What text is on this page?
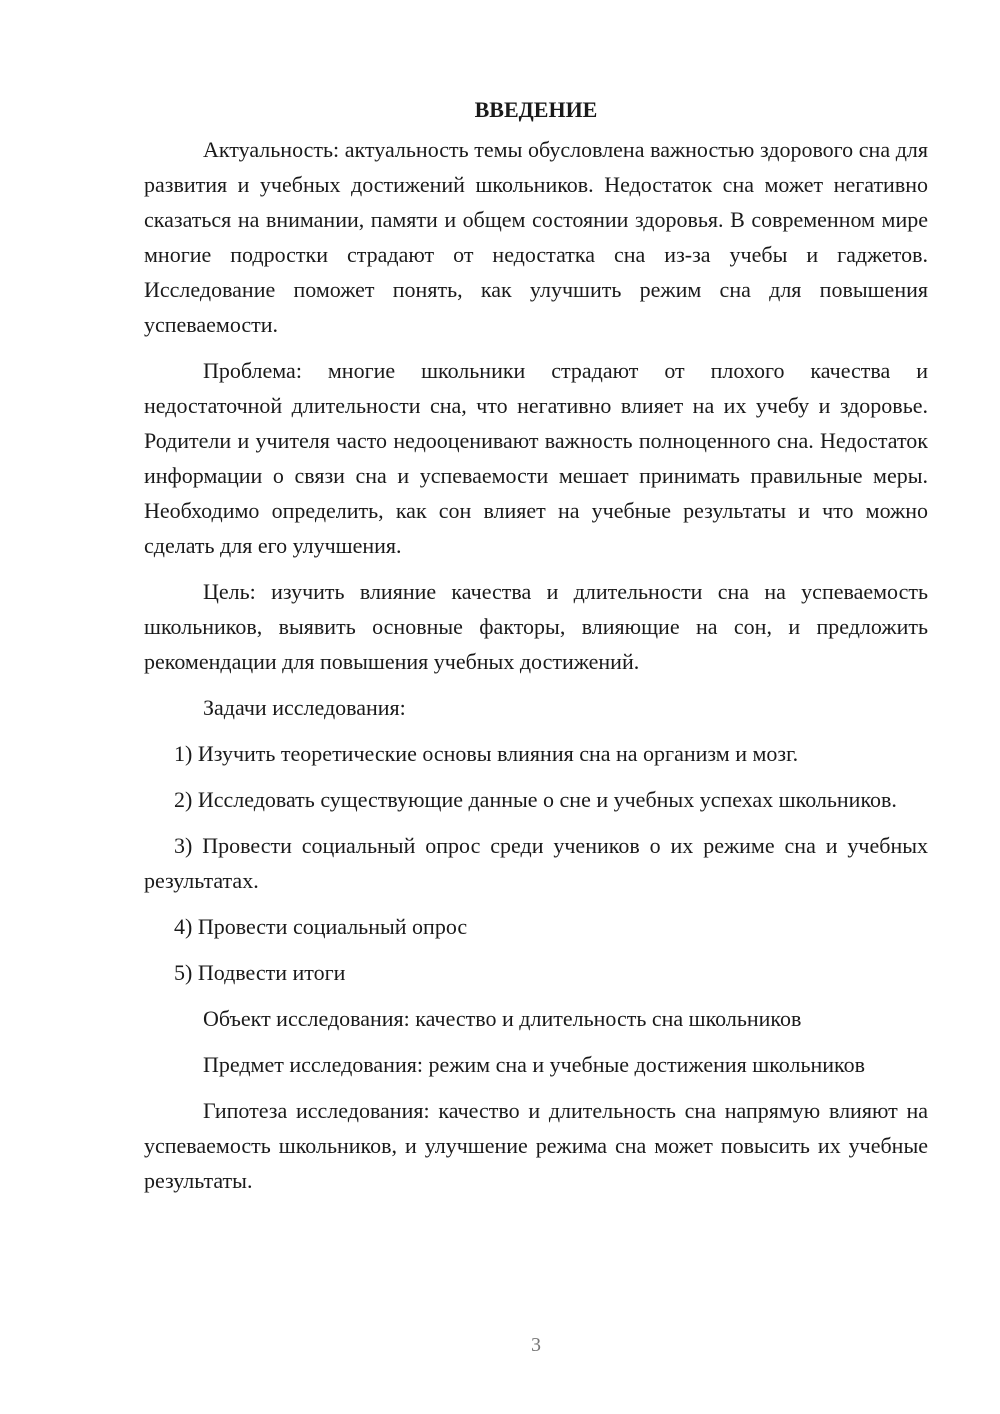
ВВЕДЕНИЕ

Актуальность: актуальность темы обусловлена важностью здорового сна для развития и учебных достижений школьников. Недостаток сна может негативно сказаться на внимании, памяти и общем состоянии здоровья. В современном мире многие подростки страдают от недостатка сна из-за учебы и гаджетов. Исследование поможет понять, как улучшить режим сна для повышения успеваемости.

Проблема: многие школьники страдают от плохого качества и недостаточной длительности сна, что негативно влияет на их учебу и здоровье. Родители и учителя часто недооценивают важность полноценного сна. Недостаток информации о связи сна и успеваемости мешает принимать правильные меры. Необходимо определить, как сон влияет на учебные результаты и что можно сделать для его улучшения.

Цель: изучить влияние качества и длительности сна на успеваемость школьников, выявить основные факторы, влияющие на сон, и предложить рекомендации для повышения учебных достижений.

Задачи исследования:

1) Изучить теоретические основы влияния сна на организм и мозг.

2) Исследовать существующие данные о сне и учебных успехах школьников.

3) Провести социальный опрос среди учеников о их режиме сна и учебных результатах.

4) Провести социальный опрос

5) Подвести итоги

Объект исследования: качество и длительность сна школьников

Предмет исследования: режим сна и учебные достижения школьников

Гипотеза исследования: качество и длительность сна напрямую влияют на успеваемость школьников, и улучшение режима сна может повысить их учебные результаты.

3
